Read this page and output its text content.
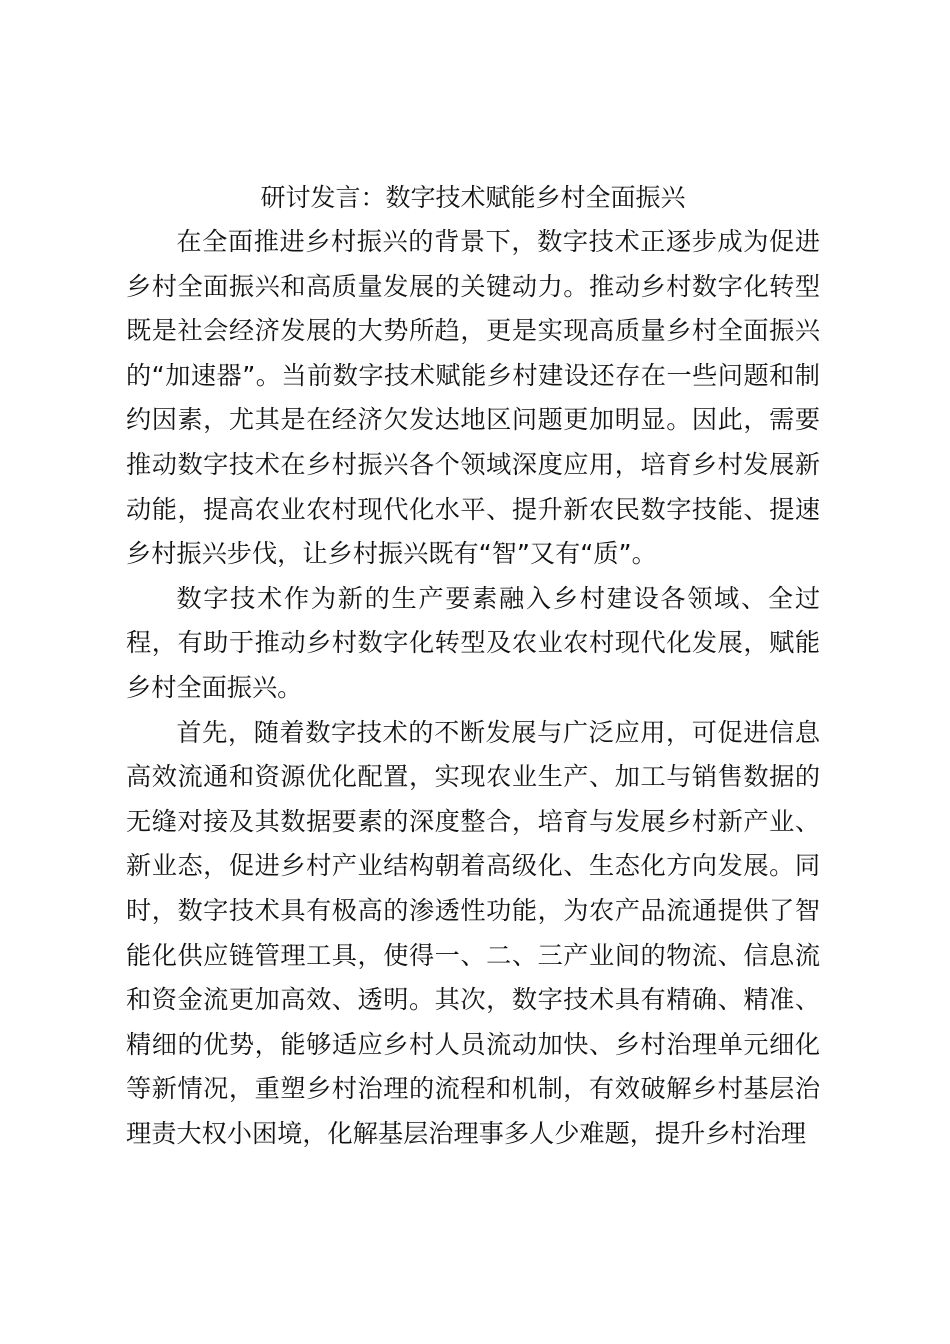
研讨发言：数字技术赋能乡村全面振兴

在全面推进乡村振兴的背景下，数字技术正逐步成为促进乡村全面振兴和高质量发展的关键动力。推动乡村数字化转型既是社会经济发展的大势所趋，更是实现高质量乡村全面振兴的“加速器”。当前数字技术赋能乡村建设还存在一些问题和制约因素，尤其是在经济欠发达地区问题更加明显。因此，需要推动数字技术在乡村振兴各个领域深度应用，培育乡村发展新动能，提高农业农村现代化水平、提升新农民数字技能、提速乡村振兴步伐，让乡村振兴既有“智”又有“质”。

数字技术作为新的生产要素融入乡村建设各领域、全过程，有助于推动乡村数字化转型及农业农村现代化发展，赋能乡村全面振兴。

首先，随着数字技术的不断发展与广泛应用，可促进信息高效流通和资源优化配置，实现农业生产、加工与销售数据的无缝对接及其数据要素的深度整合，培育与发展乡村新产业、新业态，促进乡村产业结构朝着高级化、生态化方向发展。同时，数字技术具有极高的渗透性功能，为农产品流通提供了智能化供应链管理工具，使得一、二、三产业间的物流、信息流和资金流更加高效、透明。其次，数字技术具有精确、精准、精细的优势，能够适应乡村人员流动加快、乡村治理单元细化等新情况，重塑乡村治理的流程和机制，有效破解乡村基层治理责大权小困境，化解基层治理事多人少难题，提升乡村治理
